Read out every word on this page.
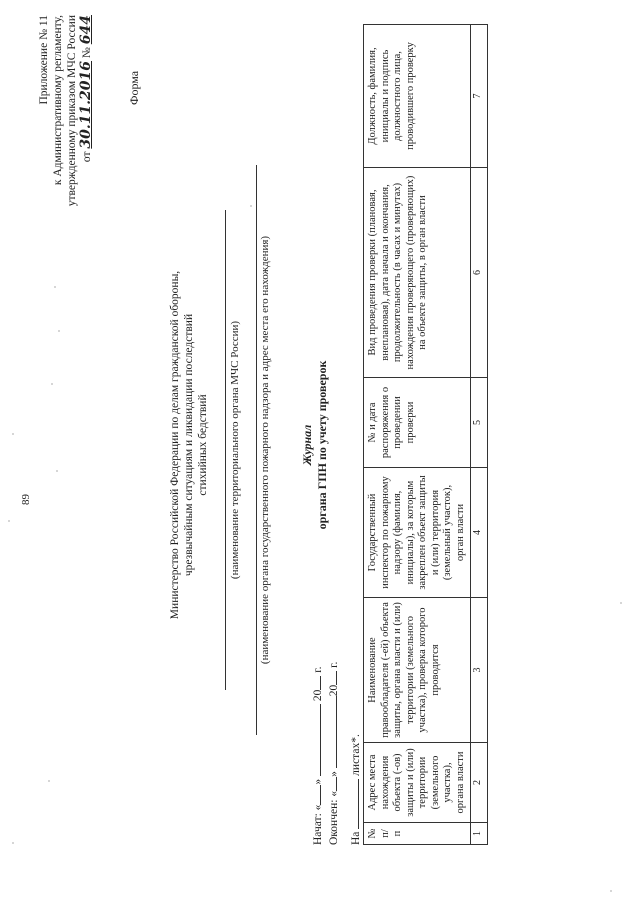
89
Приложение № 11 к Административному регламенту, утвержденному приказом МЧС России от 30.11.2016 № 644
Форма
Министерство Российской Федерации по делам гражданской обороны, чрезвычайным ситуациям и ликвидации последствий стихийных бедствий (наименование территориального органа МЧС России) (наименование органа государственного пожарного надзора и адрес места его нахождения) Журнал органа ГПН по учету проверок
Начат: «»  20 г.
Окончен: «» 20 г.
На  листах*.
№ п/п	Адрес места нахождения объекта (-ов) защиты и (или) территории (земельного участка), органа власти	Наименование правообладателя (-ей) объекта защиты, органа власти и (или) территории (земельного участка), проверка которого проводится	Государственный инспектор по пожарному надзору (фамилия, инициалы), за которым закреплен объект защиты и (или) территория (земельный участок), орган власти	№ и дата распоряжения о проведении проверки	Вид проведения проверки (плановая, внеплановая), дата начала и окончания, продолжительность (в часах и минутах) нахождения проверяющего (проверяющих) на объекте защиты, в орган власти	Должность, фамилия, инициалы и подпись должностного лица, проводившего проверку
1	2	3	4	5	6	7
